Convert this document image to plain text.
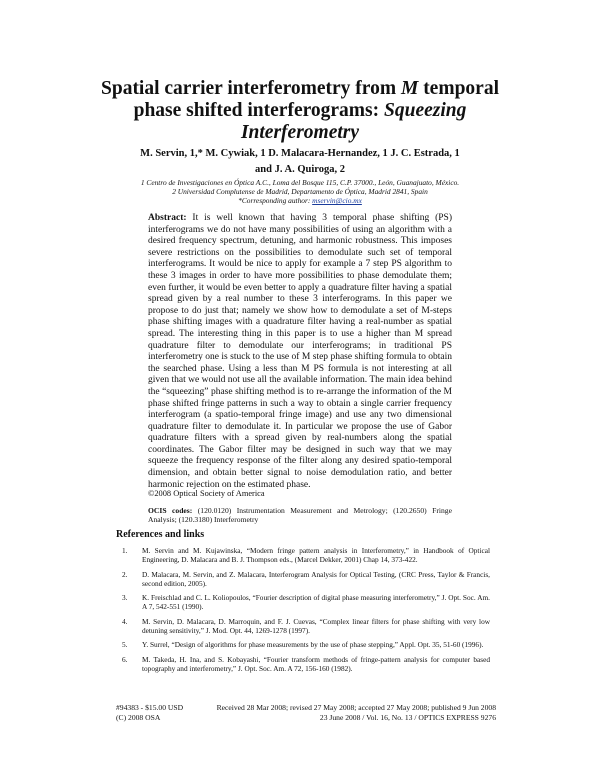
Spatial carrier interferometry from M temporal
phase shifted interferograms: Squeezing
Interferometry
M. Servin, 1,* M. Cywiak, 1 D. Malacara-Hernandez, 1 J. C. Estrada, 1
and J. A. Quiroga, 2
1 Centro de Investigaciones en Óptica A.C., Loma del Bosque 115, C.P. 37000., León, Guanajuato, México.
2 Universidad Complutense de Madrid, Departamento de Óptica, Madrid 2841, Spain
*Corresponding author: mservin@cio.mx
Abstract: It is well known that having 3 temporal phase shifting (PS) interferograms we do not have many possibilities of using an algorithm with a desired frequency spectrum, detuning, and harmonic robustness. This imposes severe restrictions on the possibilities to demodulate such set of temporal interferograms. It would be nice to apply for example a 7 step PS algorithm to these 3 images in order to have more possibilities to phase demodulate them; even further, it would be even better to apply a quadrature filter having a spatial spread given by a real number to these 3 interferograms. In this paper we propose to do just that; namely we show how to demodulate a set of M-steps phase shifting images with a quadrature filter having a real-number as spatial spread. The interesting thing in this paper is to use a higher than M spread quadrature filter to demodulate our interferograms; in traditional PS interferometry one is stuck to the use of M step phase shifting formula to obtain the searched phase. Using a less than M PS formula is not interesting at all given that we would not use all the available information. The main idea behind the “squeezing” phase shifting method is to re-arrange the information of the M phase shifted fringe patterns in such a way to obtain a single carrier frequency interferogram (a spatio-temporal fringe image) and use any two dimensional quadrature filter to demodulate it. In particular we propose the use of Gabor quadrature filters with a spread given by real-numbers along the spatial coordinates. The Gabor filter may be designed in such way that we may squeeze the frequency response of the filter along any desired spatio-temporal dimension, and obtain better signal to noise demodulation ratio, and better harmonic rejection on the estimated phase.
©2008 Optical Society of America
OCIS codes: (120.0120) Instrumentation Measurement and Metrology; (120.2650) Fringe Analysis; (120.3180) Interferometry
References and links
1. M. Servin and M. Kujawinska, “Modern fringe pattern analysis in Interferometry,” in Handbook of Optical Engineering, D. Malacara and B. J. Thompson eds., (Marcel Dekker, 2001) Chap 14, 373-422.
2. D. Malacara, M. Servin, and Z. Malacara, Interferogram Analysis for Optical Testing, (CRC Press, Taylor & Francis, second edition, 2005).
3. K. Freischlad and C. L. Koliopoulos, “Fourier description of digital phase measuring interferometry,” J. Opt. Soc. Am. A 7, 542-551 (1990).
4. M. Servin, D. Malacara, D. Marroquin, and F. J. Cuevas, “Complex linear filters for phase shifting with very low detuning sensitivity,” J. Mod. Opt. 44, 1269-1278 (1997).
5. Y. Surrel, “Design of algorithms for phase measurements by the use of phase stepping,” Appl. Opt. 35, 51-60 (1996).
6. M. Takeda, H. Ina, and S. Kobayashi, “Fourier transform methods of fringe-pattern analysis for computer based topography and interferometry,” J. Opt. Soc. Am. A 72, 156-160 (1982).
#94383 - $15.00 USD	Received 28 Mar 2008; revised 27 May 2008; accepted 27 May 2008; published 9 Jun 2008
(C) 2008 OSA	23 June 2008 / Vol. 16, No. 13 / OPTICS EXPRESS 9276
